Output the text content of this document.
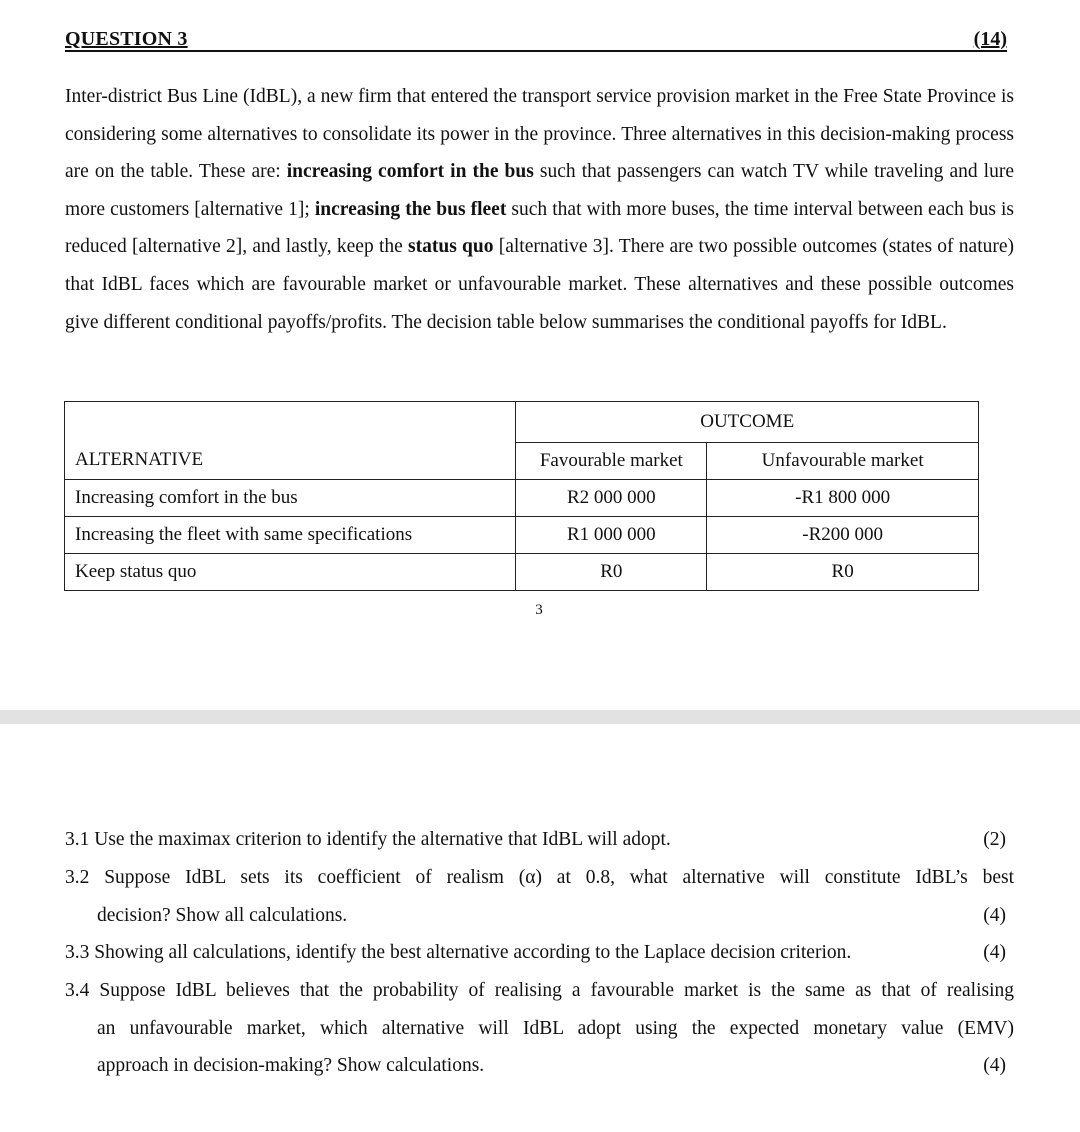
QUESTION 3	(14)
Inter-district Bus Line (IdBL), a new firm that entered the transport service provision market in the Free State Province is considering some alternatives to consolidate its power in the province. Three alternatives in this decision-making process are on the table. These are: increasing comfort in the bus such that passengers can watch TV while traveling and lure more customers [alternative 1]; increasing the bus fleet such that with more buses, the time interval between each bus is reduced [alternative 2], and lastly, keep the status quo [alternative 3]. There are two possible outcomes (states of nature) that IdBL faces which are favourable market or unfavourable market. These alternatives and these possible outcomes give different conditional payoffs/profits. The decision table below summarises the conditional payoffs for IdBL.
	OUTCOME	
ALTERNATIVE	Favourable market	Unfavourable market
Increasing comfort in the bus	R2 000 000	-R1 800 000
Increasing the fleet with same specifications	R1 000 000	-R200 000
Keep status quo	R0	R0
3
3.1 Use the maximax criterion to identify the alternative that IdBL will adopt.	(2)
3.2 Suppose IdBL sets its coefficient of realism (α) at 0.8, what alternative will constitute IdBL’s best
decision? Show all calculations.	(4)
3.3 Showing all calculations, identify the best alternative according to the Laplace decision criterion.	(4)
3.4 Suppose IdBL believes that the probability of realising a favourable market is the same as that of realising
an unfavourable market, which alternative will IdBL adopt using the expected monetary value (EMV)
approach in decision-making? Show calculations.	(4)
